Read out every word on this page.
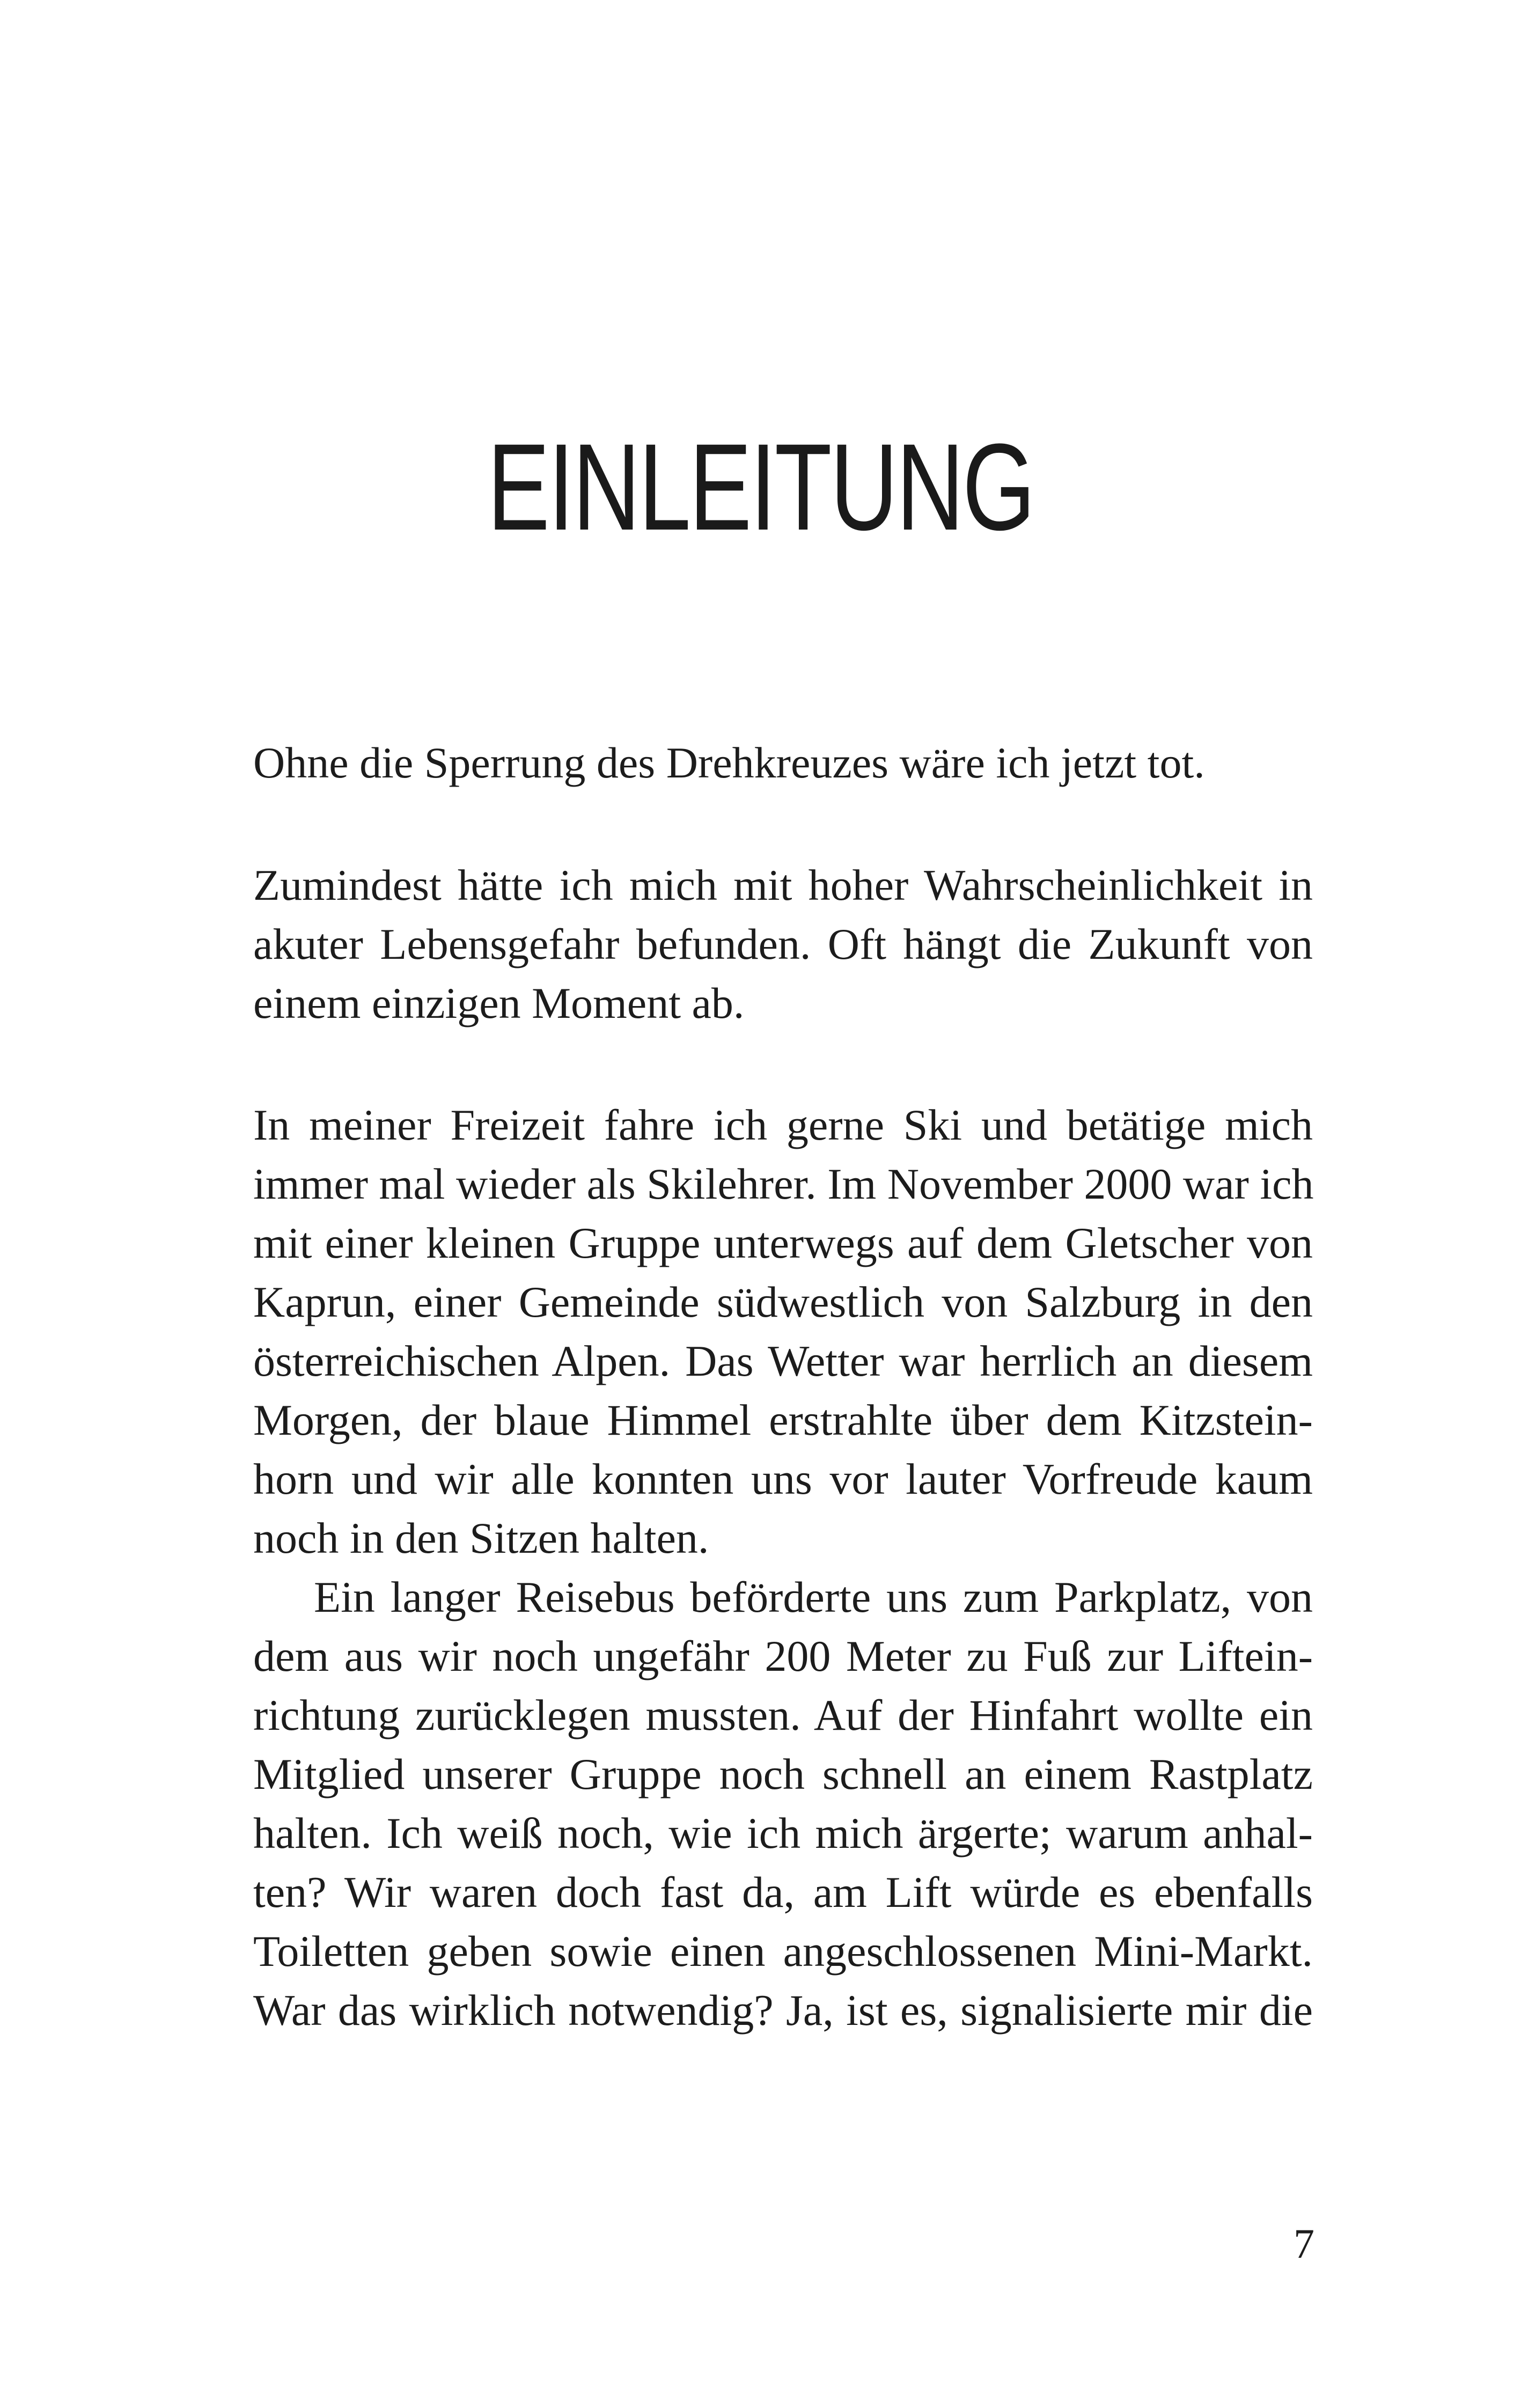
EINLEITUNG

Ohne die Sperrung des Drehkreuzes wäre ich jetzt tot.

Zumindest hätte ich mich mit hoher Wahrscheinlichkeit in

akuter Lebensgefahr befunden. Oft hängt die Zukunft von

einem einzigen Moment ab.

In meiner Freizeit fahre ich gerne Ski und betätige mich

immer mal wieder als Skilehrer. Im November 2000 war ich

mit einer kleinen Gruppe unterwegs auf dem Gletscher von

Kaprun, einer Gemeinde südwestlich von Salzburg in den

österreichischen Alpen. Das Wetter war herrlich an diesem

Morgen, der blaue Himmel erstrahlte über dem Kitzstein-

horn und wir alle konnten uns vor lauter Vorfreude kaum

noch in den Sitzen halten.

Ein langer Reisebus beförderte uns zum Parkplatz, von

dem aus wir noch ungefähr 200 Meter zu Fuß zur Liftein-

richtung zurücklegen mussten. Auf der Hinfahrt wollte ein

Mitglied unserer Gruppe noch schnell an einem Rastplatz

halten. Ich weiß noch, wie ich mich ärgerte; warum anhal-

ten? Wir waren doch fast da, am Lift würde es ebenfalls

Toiletten geben sowie einen angeschlossenen Mini-Markt.

War das wirklich notwendig? Ja, ist es, signalisierte mir die

7
